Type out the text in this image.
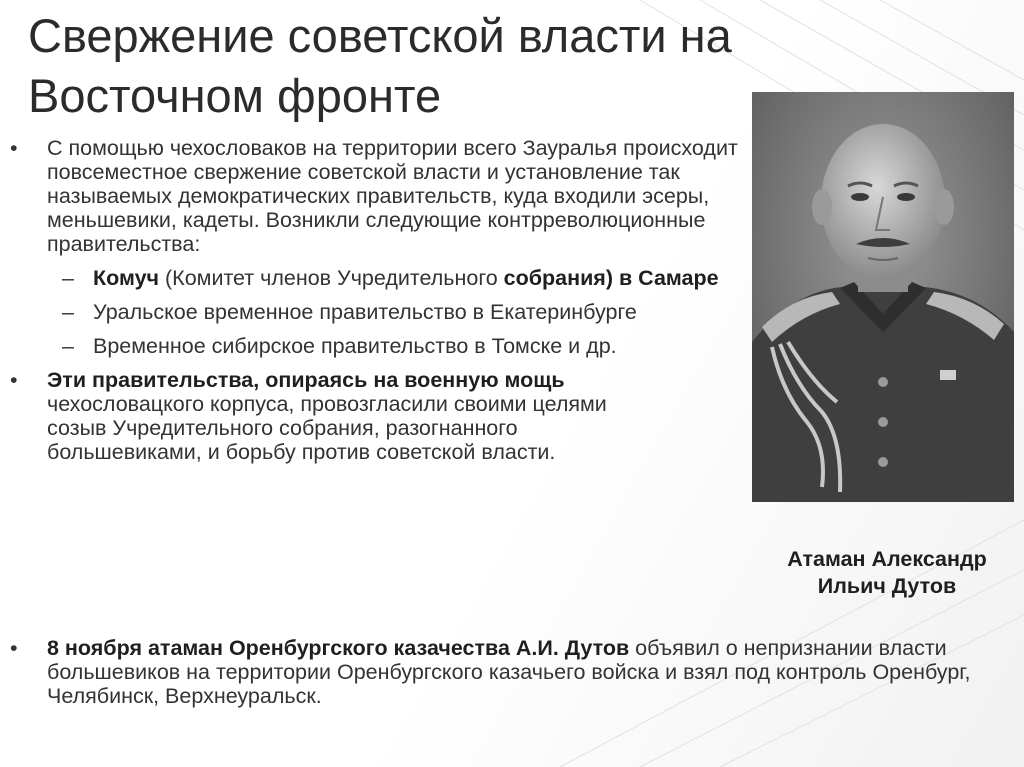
Свержение советской власти на Восточном фронте
• С помощью чехословаков на территории всего Зауралья происходит повсеместное свержение советской власти и установление так называемых демократических правительств, куда входили эсеры, меньшевики, кадеты. Возникли следующие контрреволюционные правительства:
– Комуч (Комитет членов Учредительного собрания) в Самаре
– Уральское временное правительство в Екатеринбурге
– Временное сибирское правительство в Томске и др.
• Эти правительства, опираясь на военную мощь чехословацкого корпуса, провозгласили своими целями созыв Учредительного собрания, разогнанного большевиками, и борьбу против советской власти.
• 8 ноября атаман Оренбургского казачества А.И. Дутов объявил о непризнании власти большевиков на территории Оренбургского казачьего войска и взял под контроль Оренбург, Челябинск, Верхнеуральск.
Атаман Александр
Ильич Дутов
